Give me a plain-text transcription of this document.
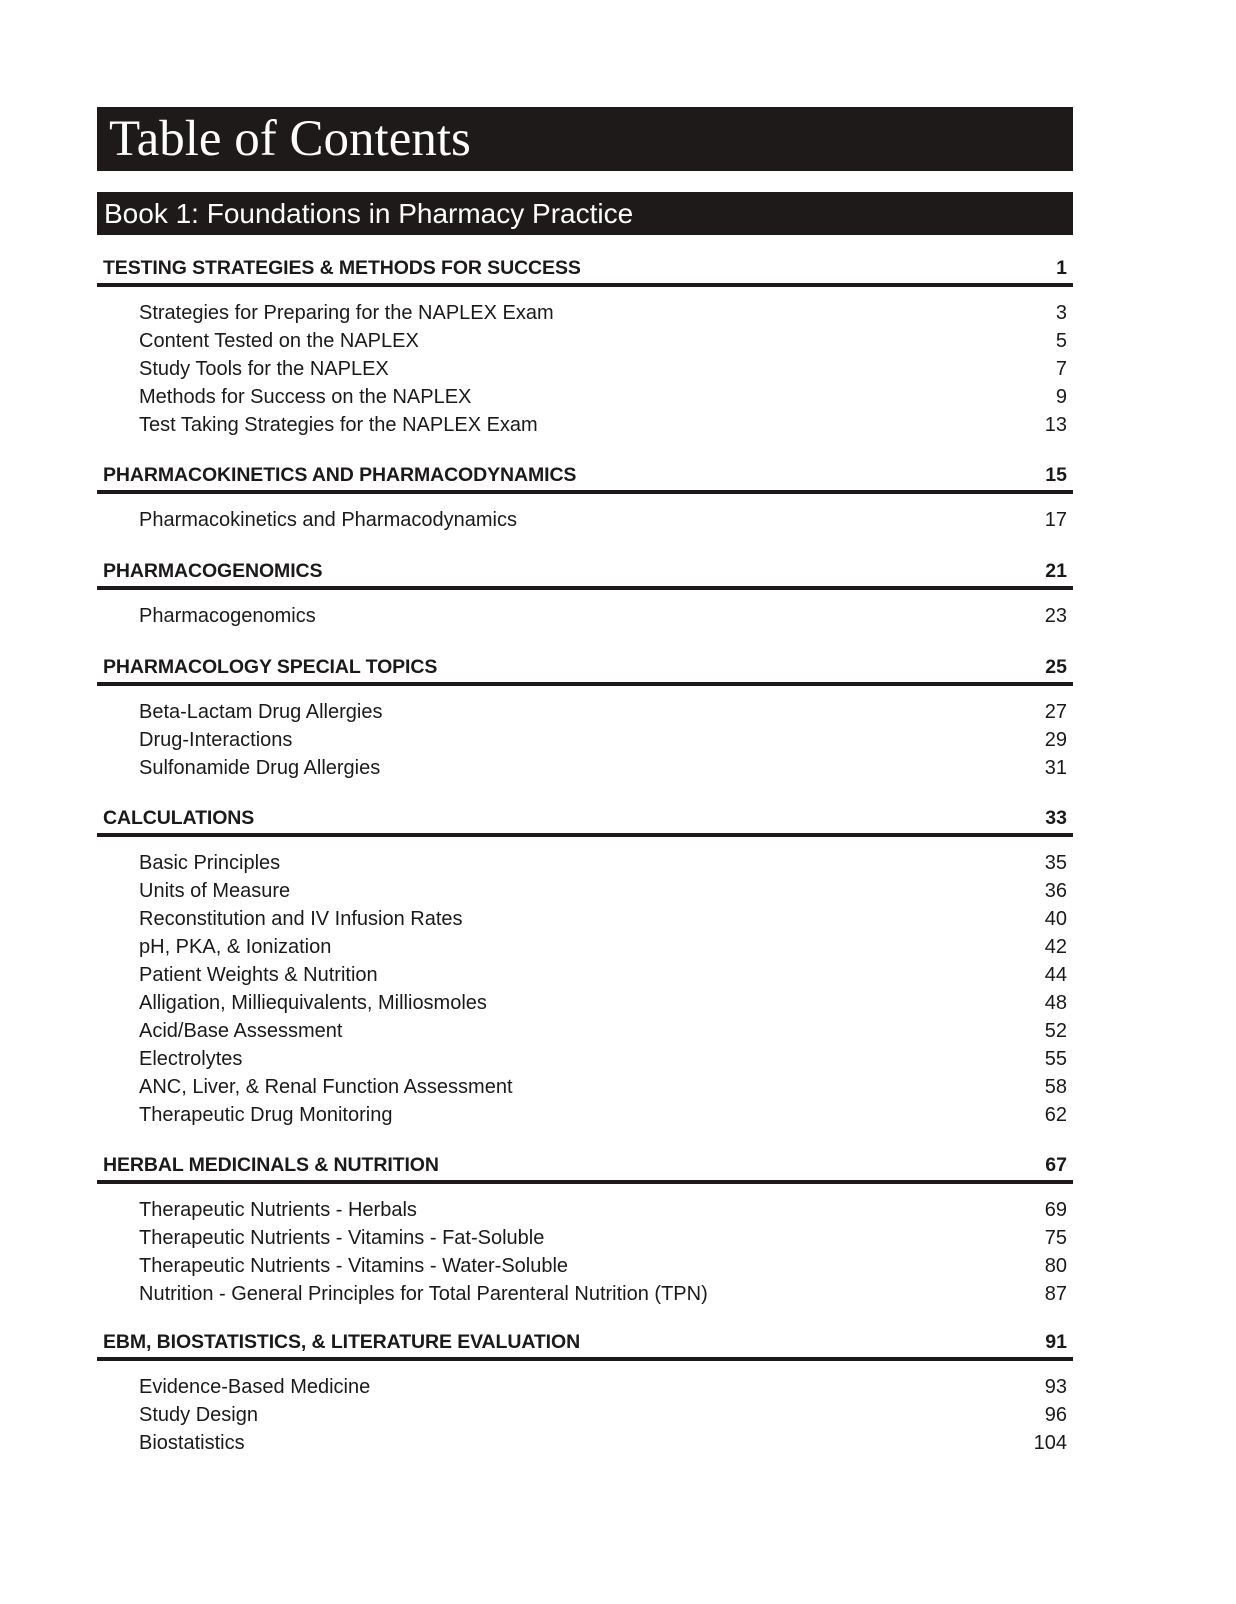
Table of Contents
Book 1: Foundations in Pharmacy Practice
TESTING STRATEGIES & METHODS FOR SUCCESS	1
Strategies for Preparing for the NAPLEX Exam	3
Content Tested on the NAPLEX	5
Study Tools for the NAPLEX	7
Methods for Success on the NAPLEX	9
Test Taking Strategies for the NAPLEX Exam	13
PHARMACOKINETICS AND PHARMACODYNAMICS	15
Pharmacokinetics and Pharmacodynamics	17
PHARMACOGENOMICS	21
Pharmacogenomics	23
PHARMACOLOGY SPECIAL TOPICS	25
Beta-Lactam Drug Allergies	27
Drug-Interactions	29
Sulfonamide Drug Allergies	31
CALCULATIONS	33
Basic Principles	35
Units of Measure	36
Reconstitution and IV Infusion Rates	40
pH, PKA, & Ionization	42
Patient Weights & Nutrition	44
Alligation, Milliequivalents, Milliosmoles	48
Acid/Base Assessment	52
Electrolytes	55
ANC, Liver, & Renal Function Assessment	58
Therapeutic Drug Monitoring	62
HERBAL MEDICINALS & NUTRITION	67
Therapeutic Nutrients - Herbals	69
Therapeutic Nutrients - Vitamins - Fat-Soluble	75
Therapeutic Nutrients - Vitamins - Water-Soluble	80
Nutrition - General Principles for Total Parenteral Nutrition (TPN)	87
EBM, BIOSTATISTICS, & LITERATURE EVALUATION	91
Evidence-Based Medicine	93
Study Design	96
Biostatistics	104
